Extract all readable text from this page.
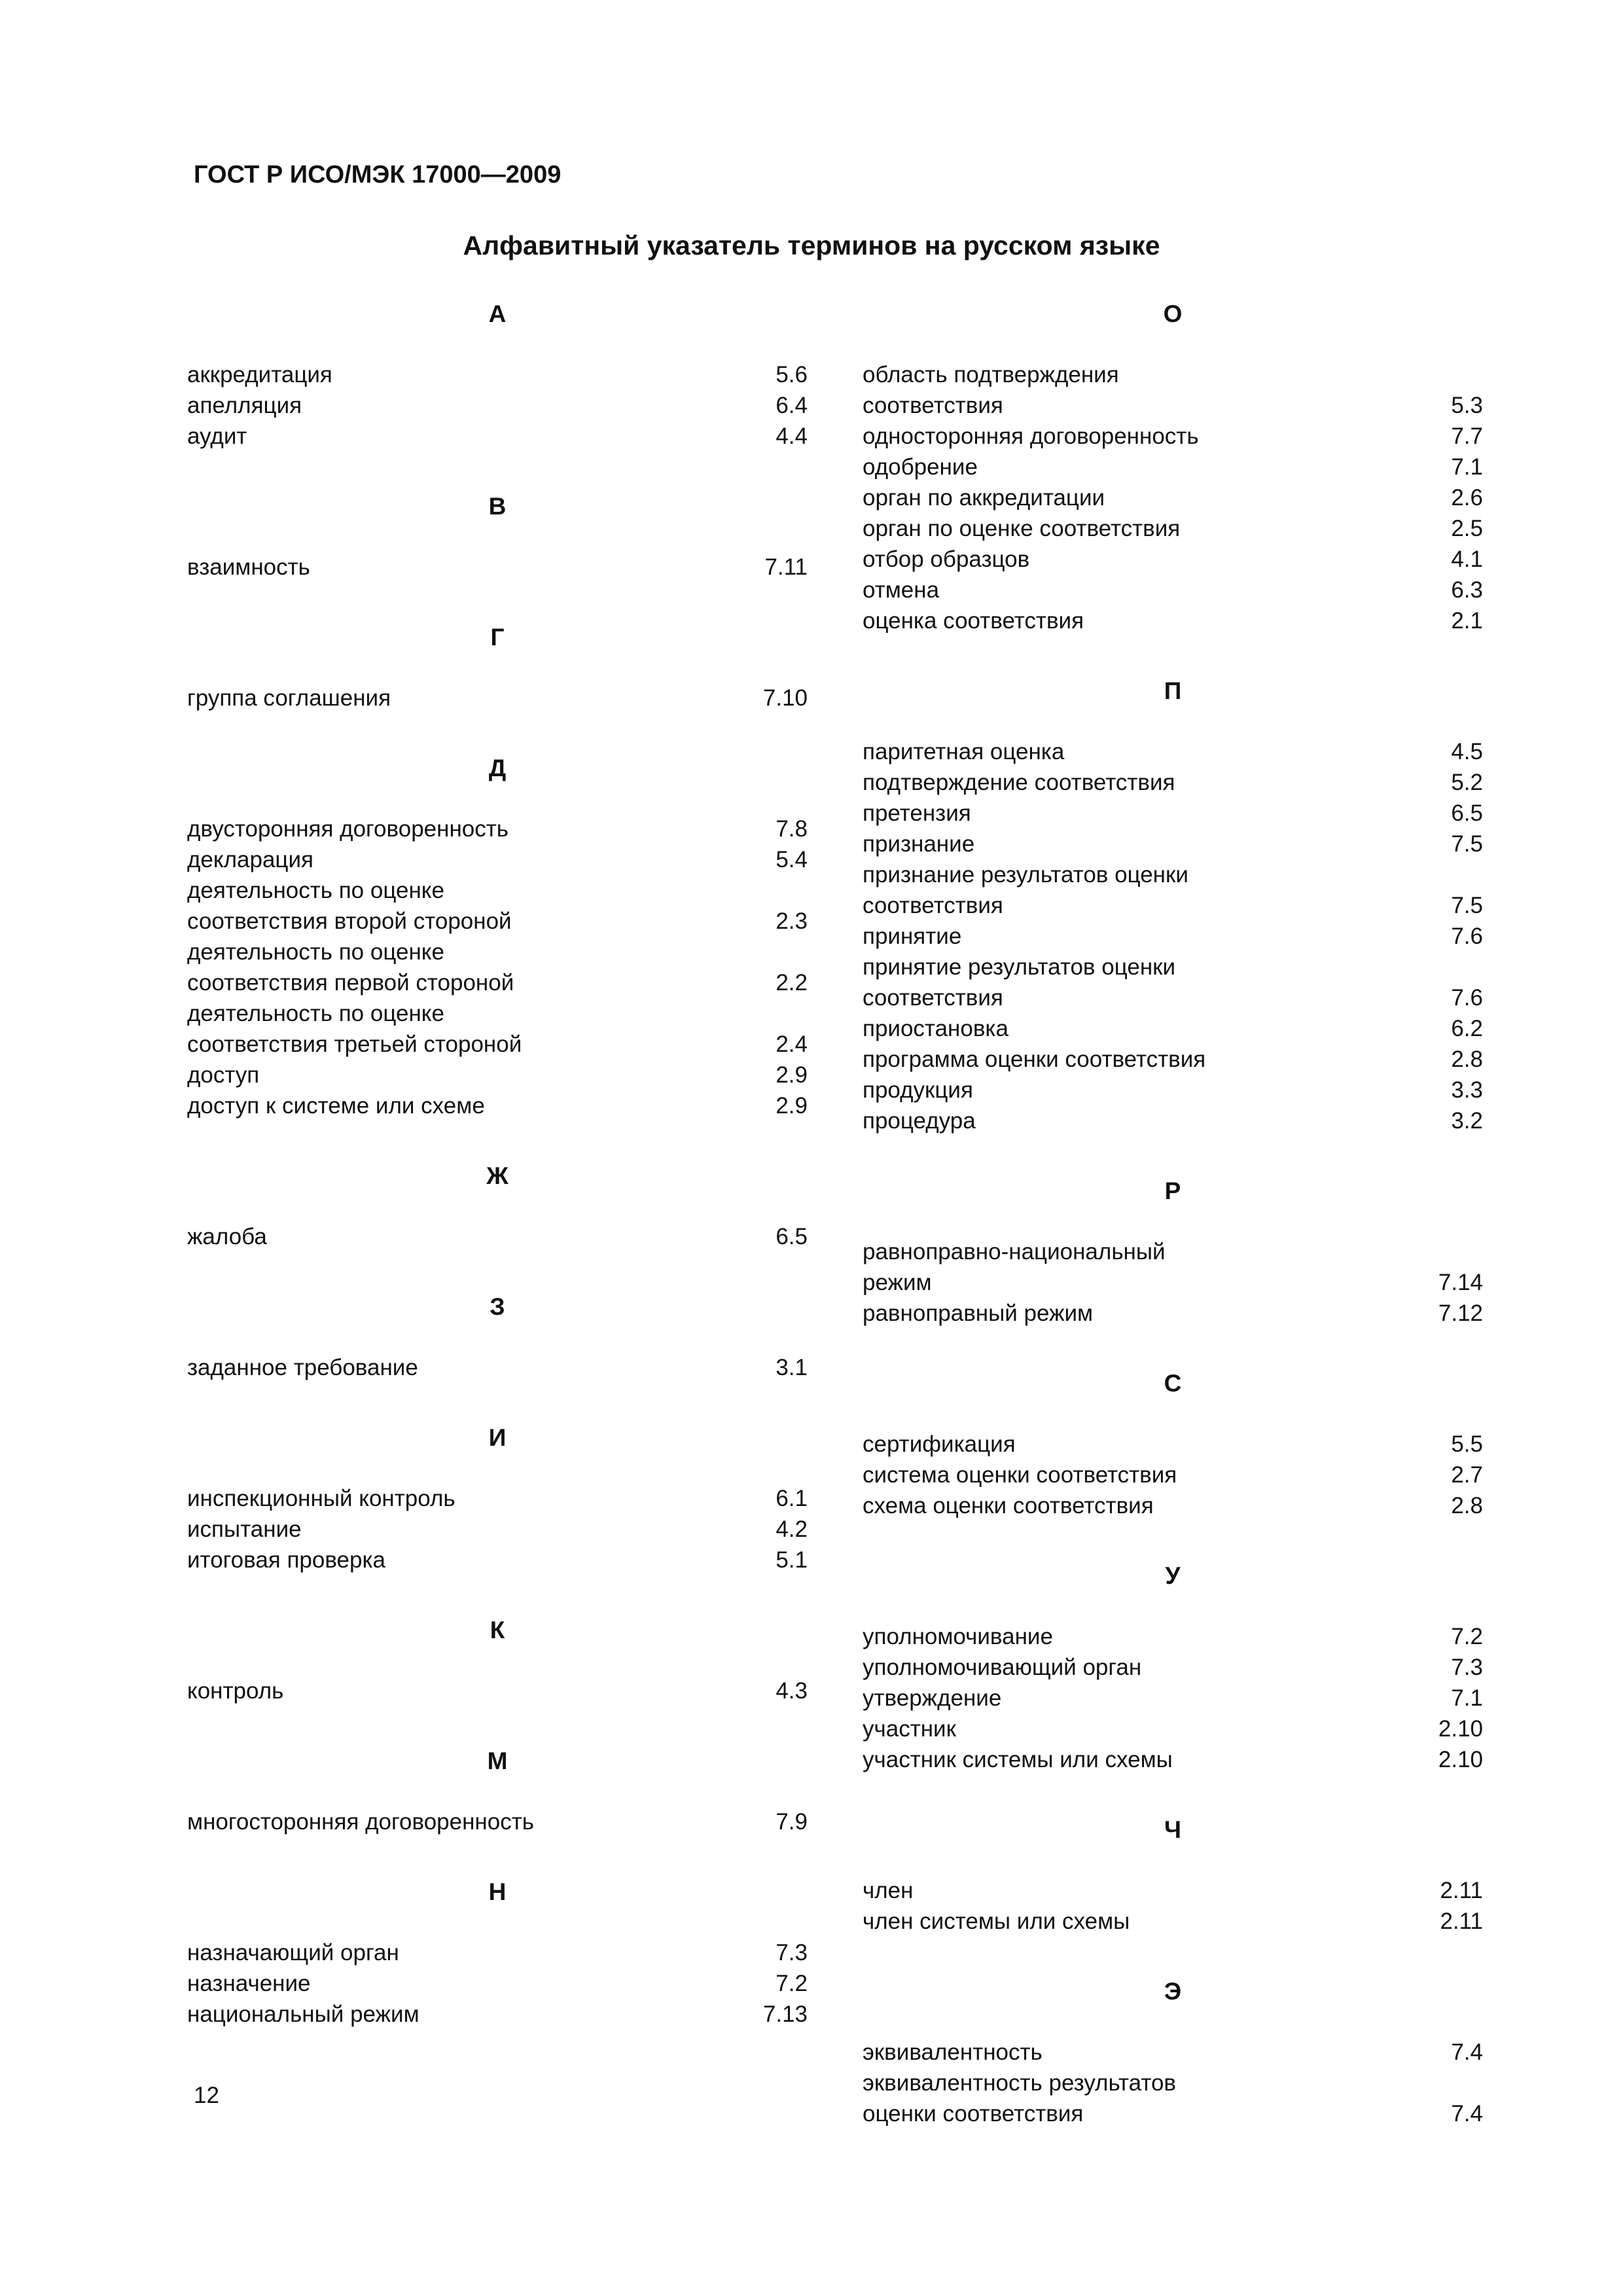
ГОСТ Р ИСО/МЭК 17000—2009
Алфавитный указатель терминов на русском языке
А
аккредитация	5.6
апелляция	6.4
аудит	4.4
В
взаимность	7.11
Г
группа соглашения	7.10
Д
двусторонняя договоренность	7.8
декларация	5.4
деятельность по оценке
соответствия второй стороной	2.3
деятельность по оценке
соответствия первой стороной	2.2
деятельность по оценке
соответствия третьей стороной	2.4
доступ	2.9
доступ к системе или схеме	2.9
Ж
жалоба	6.5
З
заданное требование	3.1
И
инспекционный контроль	6.1
испытание	4.2
итоговая проверка	5.1
К
контроль	4.3
М
многосторонняя договоренность	7.9
Н
назначающий орган	7.3
назначение	7.2
национальный режим	7.13
О
область подтверждения
соответствия	5.3
односторонняя договоренность	7.7
одобрение	7.1
орган по аккредитации	2.6
орган по оценке соответствия	2.5
отбор образцов	4.1
отмена	6.3
оценка соответствия	2.1
П
паритетная оценка	4.5
подтверждение соответствия	5.2
претензия	6.5
признание	7.5
признание результатов оценки
соответствия	7.5
принятие	7.6
принятие результатов оценки
соответствия	7.6
приостановка	6.2
программа оценки соответствия	2.8
продукция	3.3
процедура	3.2
Р
равноправно-национальный
режим	7.14
равноправный режим	7.12
С
сертификация	5.5
система оценки соответствия	2.7
схема оценки соответствия	2.8
У
уполномочивание	7.2
уполномочивающий орган	7.3
утверждение	7.1
участник	2.10
участник системы или схемы	2.10
Ч
член	2.11
член системы или схемы	2.11
Э
эквивалентность	7.4
эквивалентность результатов
оценки соответствия	7.4
12
